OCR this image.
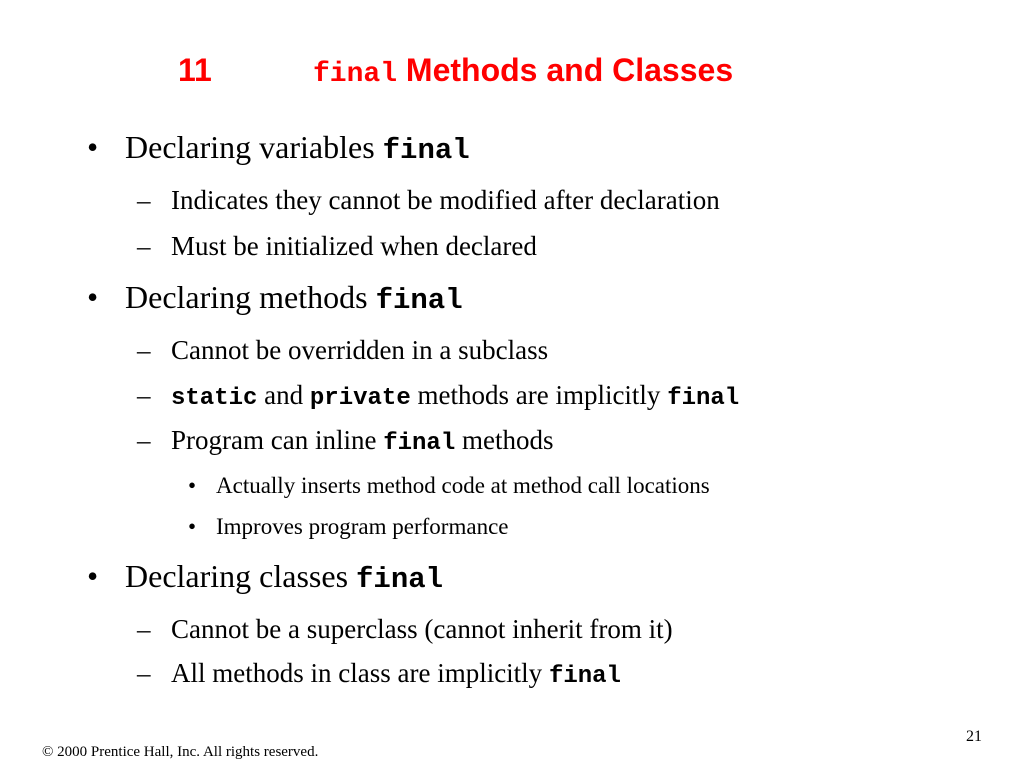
11	final Methods and Classes
• Declaring variables final
– Indicates they cannot be modified after declaration
– Must be initialized when declared
• Declaring methods final
– Cannot be overridden in a subclass
– static and private methods are implicitly final
– Program can inline final methods
• Actually inserts method code at method call locations
• Improves program performance
• Declaring classes final
– Cannot be a superclass (cannot inherit from it)
– All methods in class are implicitly final
21
© 2000 Prentice Hall, Inc. All rights reserved.
